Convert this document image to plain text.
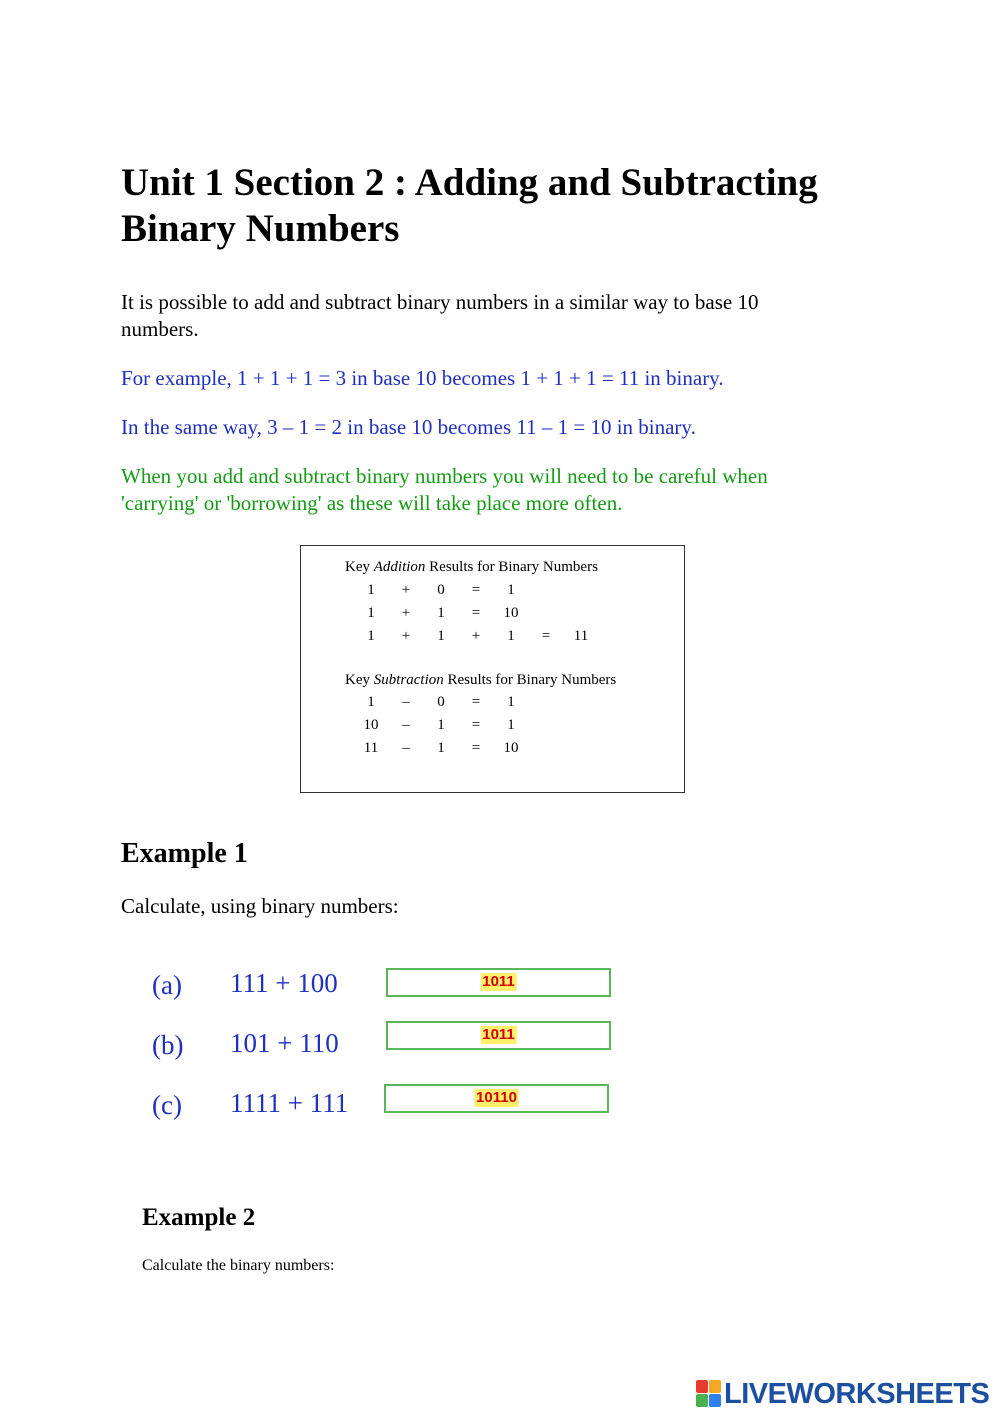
Unit 1 Section 2 : Adding and Subtracting Binary Numbers

It is possible to add and subtract binary numbers in a similar way to base 10 numbers.

For example, 1 + 1 + 1 = 3 in base 10 becomes 1 + 1 + 1 = 11 in binary.

In the same way, 3 – 1 = 2 in base 10 becomes 11 – 1 = 10 in binary.

When you add and subtract binary numbers you will need to be careful when 'carrying' or 'borrowing' as these will take place more often.

Key Addition Results for Binary Numbers
1	+	0	=	1
1	+	1	=	10
1	+	1	+	1	=	11
Key Subtraction Results for Binary Numbers
1	–	0	=	1
10	–	1	=	1
11	–	1	=	10
Example 1

Calculate, using binary numbers:

(a) 111 + 100	1011
(b) 101 + 110	1011
(c) 1111 + 111	10110
Example 2

Calculate the binary numbers:

LIVEWORKSHEETS
